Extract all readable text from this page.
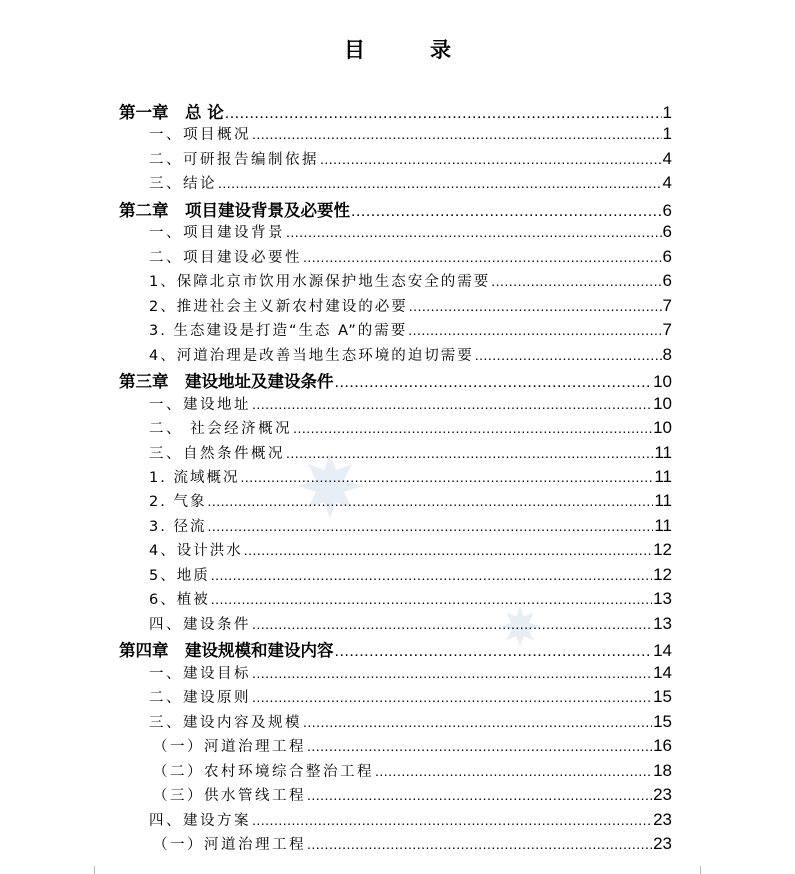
目　录
第一章　总 论 .....	1
一、项目概况 .....	1
二、可研报告编制依据 .....	4
三、结论 .....	4
第二章　项目建设背景及必要性 .....	6
一、项目建设背景 .....	6
二、项目建设必要性 .....	6
1、保障北京市饮用水源保护地生态安全的需要 .....	6
2、推进社会主义新农村建设的必要 .....	7
3. 生态建设是打造“生态 A”的需要 .....	7
4、河道治理是改善当地生态环境的迫切需要 .....	8
第三章　建设地址及建设条件 .....	10
一、建设地址 .....	10
二、 社会经济概况 .....	10
三、自然条件概况 .....	11
1. 流域概况 .....	11
2. 气象 .....	11
3. 径流 .....	11
4、设计洪水 .....	12
5、地质 .....	12
6、植被 .....	13
四、建设条件 .....	13
第四章　建设规模和建设内容 .....	14
一、建设目标 .....	14
二、建设原则 .....	15
三、建设内容及规模 .....	15
（一）河道治理工程 .....	16
（二）农村环境综合整治工程 .....	18
（三）供水管线工程 .....	23
四、建设方案 .....	23
（一）河道治理工程 .....	23
